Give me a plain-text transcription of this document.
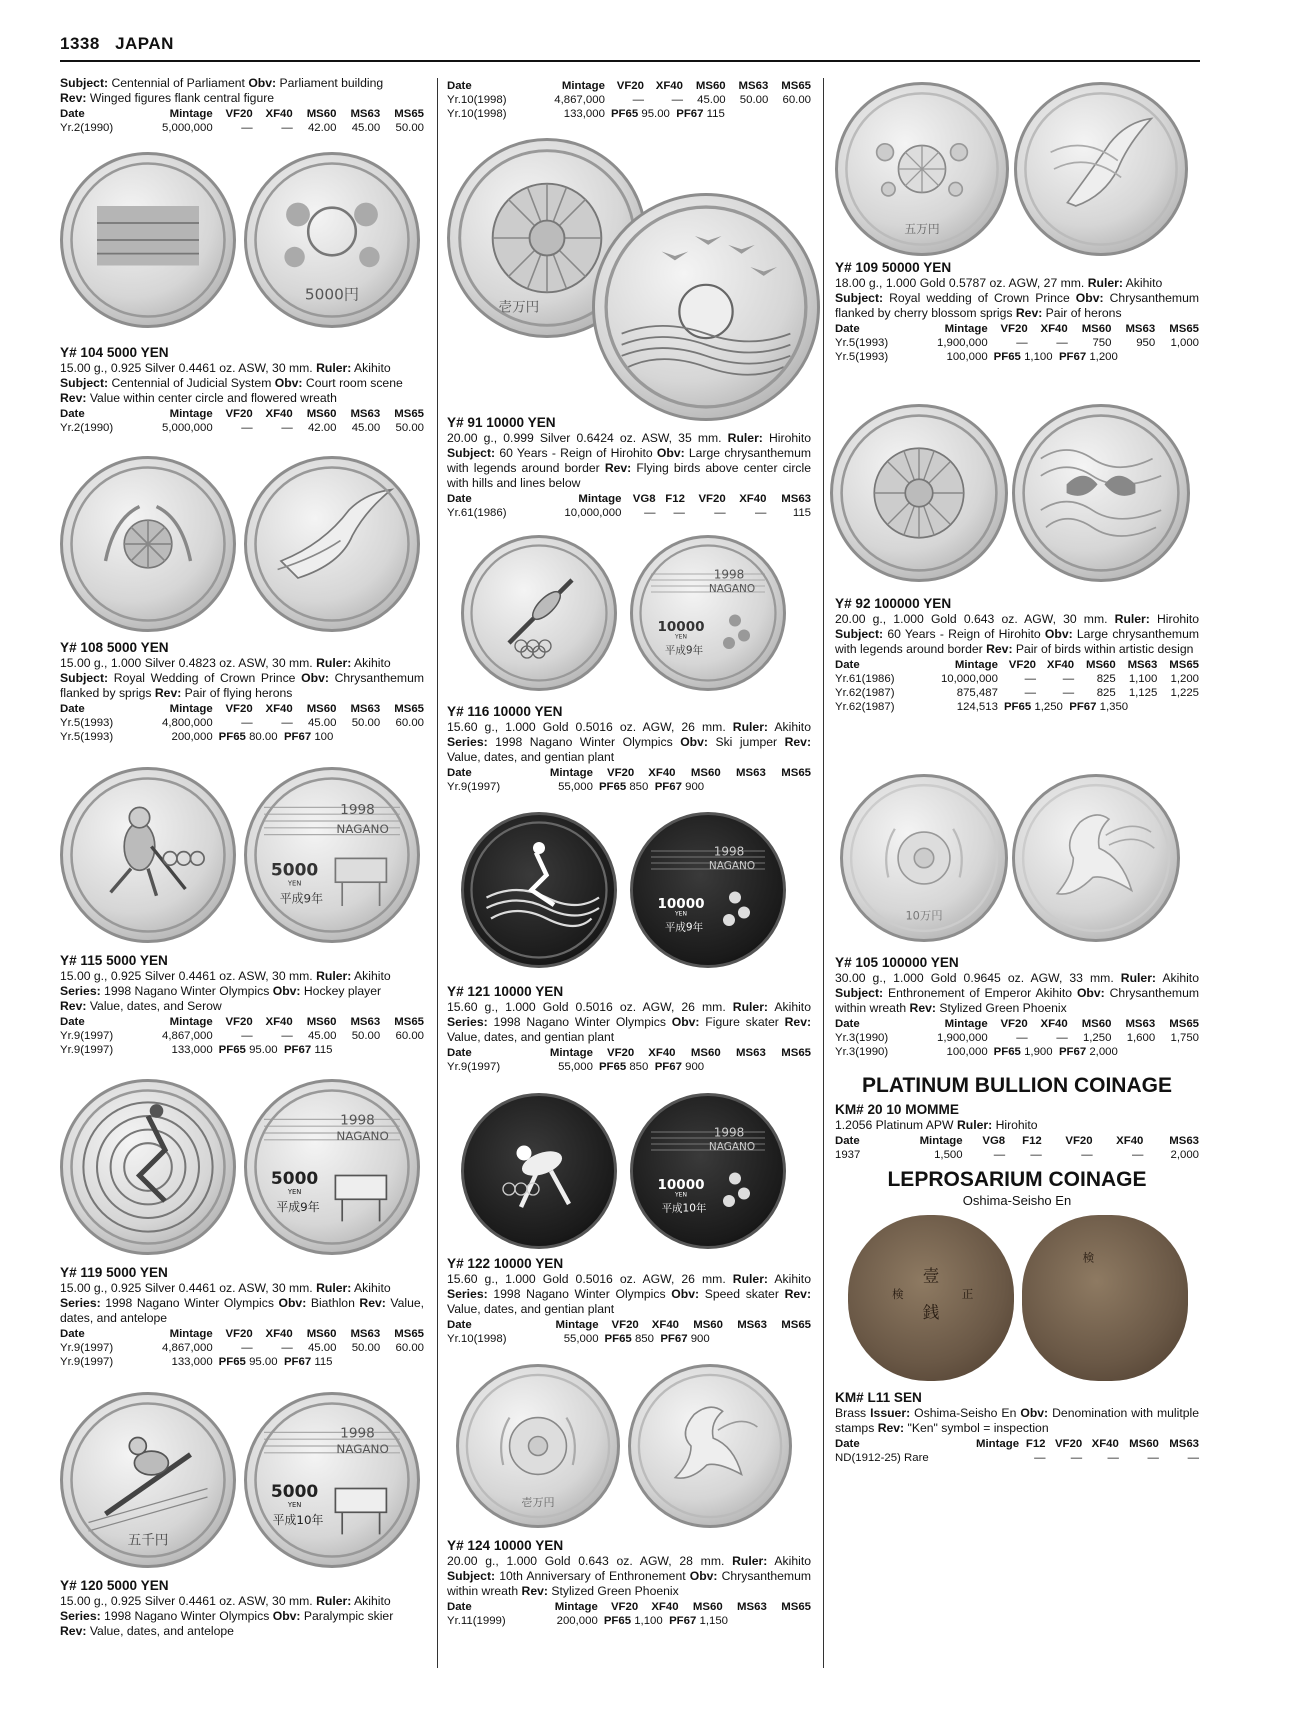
1338 JAPAN

Subject: Centennial of Parliament Obv: Parliament building

Rev: Winged figures flank central figure

Date	Mintage	VF20	XF40	MS60	MS63	MS65
Yr.2(1990)	5,000,000	—	—	42.00	45.00	50.00
5000円
Y# 104 5000 YEN

15.00 g., 0.925 Silver 0.4461 oz. ASW, 30 mm. Ruler: Akihito

Subject: Centennial of Judicial System Obv: Court room scene

Rev: Value within center circle and flowered wreath

Date	Mintage	VF20	XF40	MS60	MS63	MS65
Yr.2(1990)	5,000,000	—	—	42.00	45.00	50.00
Y# 108 5000 YEN

15.00 g., 1.000 Silver 0.4823 oz. ASW, 30 mm. Ruler: Akihito

Subject: Royal Wedding of Crown Prince Obv: Chrysanthemum flanked by sprigs Rev: Pair of flying herons

Date	Mintage	VF20	XF40	MS60	MS63	MS65
Yr.5(1993)	4,800,000	—	—	45.00	50.00	60.00
Yr.5(1993)	200,000	PF65 80.00 PF67 100				
1998
NAGANO
5000
YEN
平成9年
Y# 115 5000 YEN

15.00 g., 0.925 Silver 0.4461 oz. ASW, 30 mm. Ruler: Akihito

Series: 1998 Nagano Winter Olympics Obv: Hockey player

Rev: Value, dates, and Serow

Date	Mintage	VF20	XF40	MS60	MS63	MS65
Yr.9(1997)	4,867,000	—	—	45.00	50.00	60.00
Yr.9(1997)	133,000	PF65 95.00 PF67 115				
1998
NAGANO
5000
YEN
平成9年
Y# 119 5000 YEN

15.00 g., 0.925 Silver 0.4461 oz. ASW, 30 mm. Ruler: Akihito

Series: 1998 Nagano Winter Olympics Obv: Biathlon Rev: Value, dates, and antelope

Date	Mintage	VF20	XF40	MS60	MS63	MS65
Yr.9(1997)	4,867,000	—	—	45.00	50.00	60.00
Yr.9(1997)	133,000	PF65 95.00 PF67 115				
五千円
1998
NAGANO
5000
YEN
平成10年
Y# 120 5000 YEN

15.00 g., 0.925 Silver 0.4461 oz. ASW, 30 mm. Ruler: Akihito

Series: 1998 Nagano Winter Olympics Obv: Paralympic skier

Rev: Value, dates, and antelope

Date	Mintage	VF20	XF40	MS60	MS63	MS65
Yr.10(1998)	4,867,000	—	—	45.00	50.00	60.00
Yr.10(1998)	133,000	PF65 95.00 PF67 115				
壱万円
Y# 91 10000 YEN

20.00 g., 0.999 Silver 0.6424 oz. ASW, 35 mm. Ruler: Hirohito Subject: 60 Years - Reign of Hirohito Obv: Large chrysanthemum with legends around border Rev: Flying birds above center circle with hills and lines below

Date	Mintage	VG8	F12	VF20	XF40	MS63
Yr.61(1986)	10,000,000	—	—	—	—	115
1998
NAGANO
10000
YEN
平成9年
Y# 116 10000 YEN

15.60 g., 1.000 Gold 0.5016 oz. AGW, 26 mm. Ruler: Akihito Series: 1998 Nagano Winter Olympics Obv: Ski jumper Rev: Value, dates, and gentian plant

Date	Mintage	VF20	XF40	MS60	MS63	MS65
Yr.9(1997)	55,000	PF65 850 PF67 900				
1998
NAGANO
10000
YEN
平成9年
Y# 121 10000 YEN

15.60 g., 1.000 Gold 0.5016 oz. AGW, 26 mm. Ruler: Akihito Series: 1998 Nagano Winter Olympics Obv: Figure skater Rev: Value, dates, and gentian plant

Date	Mintage	VF20	XF40	MS60	MS63	MS65
Yr.9(1997)	55,000	PF65 850 PF67 900				
1998
NAGANO
10000
YEN
平成10年
Y# 122 10000 YEN

15.60 g., 1.000 Gold 0.5016 oz. AGW, 26 mm. Ruler: Akihito Series: 1998 Nagano Winter Olympics Obv: Speed skater Rev: Value, dates, and gentian plant

Date	Mintage	VF20	XF40	MS60	MS63	MS65
Yr.10(1998)	55,000	PF65 850 PF67 900				
壱万円
Y# 124 10000 YEN

20.00 g., 1.000 Gold 0.643 oz. AGW, 28 mm. Ruler: Akihito Subject: 10th Anniversary of Enthronement Obv: Chrysanthemum within wreath Rev: Stylized Green Phoenix

Date	Mintage	VF20	XF40	MS60	MS63	MS65
Yr.11(1999)	200,000	PF65 1,100 PF67 1,150				
五万円
Y# 109 50000 YEN

18.00 g., 1.000 Gold 0.5787 oz. AGW, 27 mm. Ruler: Akihito

Subject: Royal wedding of Crown Prince Obv: Chrysanthemum flanked by cherry blossom sprigs Rev: Pair of herons

Date	Mintage	VF20	XF40	MS60	MS63	MS65
Yr.5(1993)	1,900,000	—	—	750	950	1,000
Yr.5(1993)	100,000	PF65 1,100 PF67 1,200				
Y# 92 100000 YEN

20.00 g., 1.000 Gold 0.643 oz. AGW, 30 mm. Ruler: Hirohito Subject: 60 Years - Reign of Hirohito Obv: Large chrysanthemum with legends around border Rev: Pair of birds within artistic design

Date	Mintage	VF20	XF40	MS60	MS63	MS65
Yr.61(1986)	10,000,000	—	—	825	1,100	1,200
Yr.62(1987)	875,487	—	—	825	1,125	1,225
Yr.62(1987)	124,513	PF65 1,250 PF67 1,350				
10万円
Y# 105 100000 YEN

30.00 g., 1.000 Gold 0.9645 oz. AGW, 33 mm. Ruler: Akihito Subject: Enthronement of Emperor Akihito Obv: Chrysanthemum within wreath Rev: Stylized Green Phoenix

Date	Mintage	VF20	XF40	MS60	MS63	MS65
Yr.3(1990)	1,900,000	—	—	1,250	1,600	1,750
Yr.3(1990)	100,000	PF65 1,900 PF67 2,000				
PLATINUM BULLION COINAGE
KM# 20 10 MOMME

1.2056 Platinum APW Ruler: Hirohito

Date	Mintage	VG8	F12	VF20	XF40	MS63
1937	1,500	—	—	—	—	2,000
LEPROSARIUM COINAGE
Oshima-Seisho En
壹
銭
正
検
検
KM# L11 SEN

Brass Issuer: Oshima-Seisho En Obv: Denomination with mulitple stamps Rev: "Ken" symbol = inspection

Date	Mintage	F12	VF20	XF40	MS60	MS63
ND(1912-25) Rare		—	—	—	—	—
